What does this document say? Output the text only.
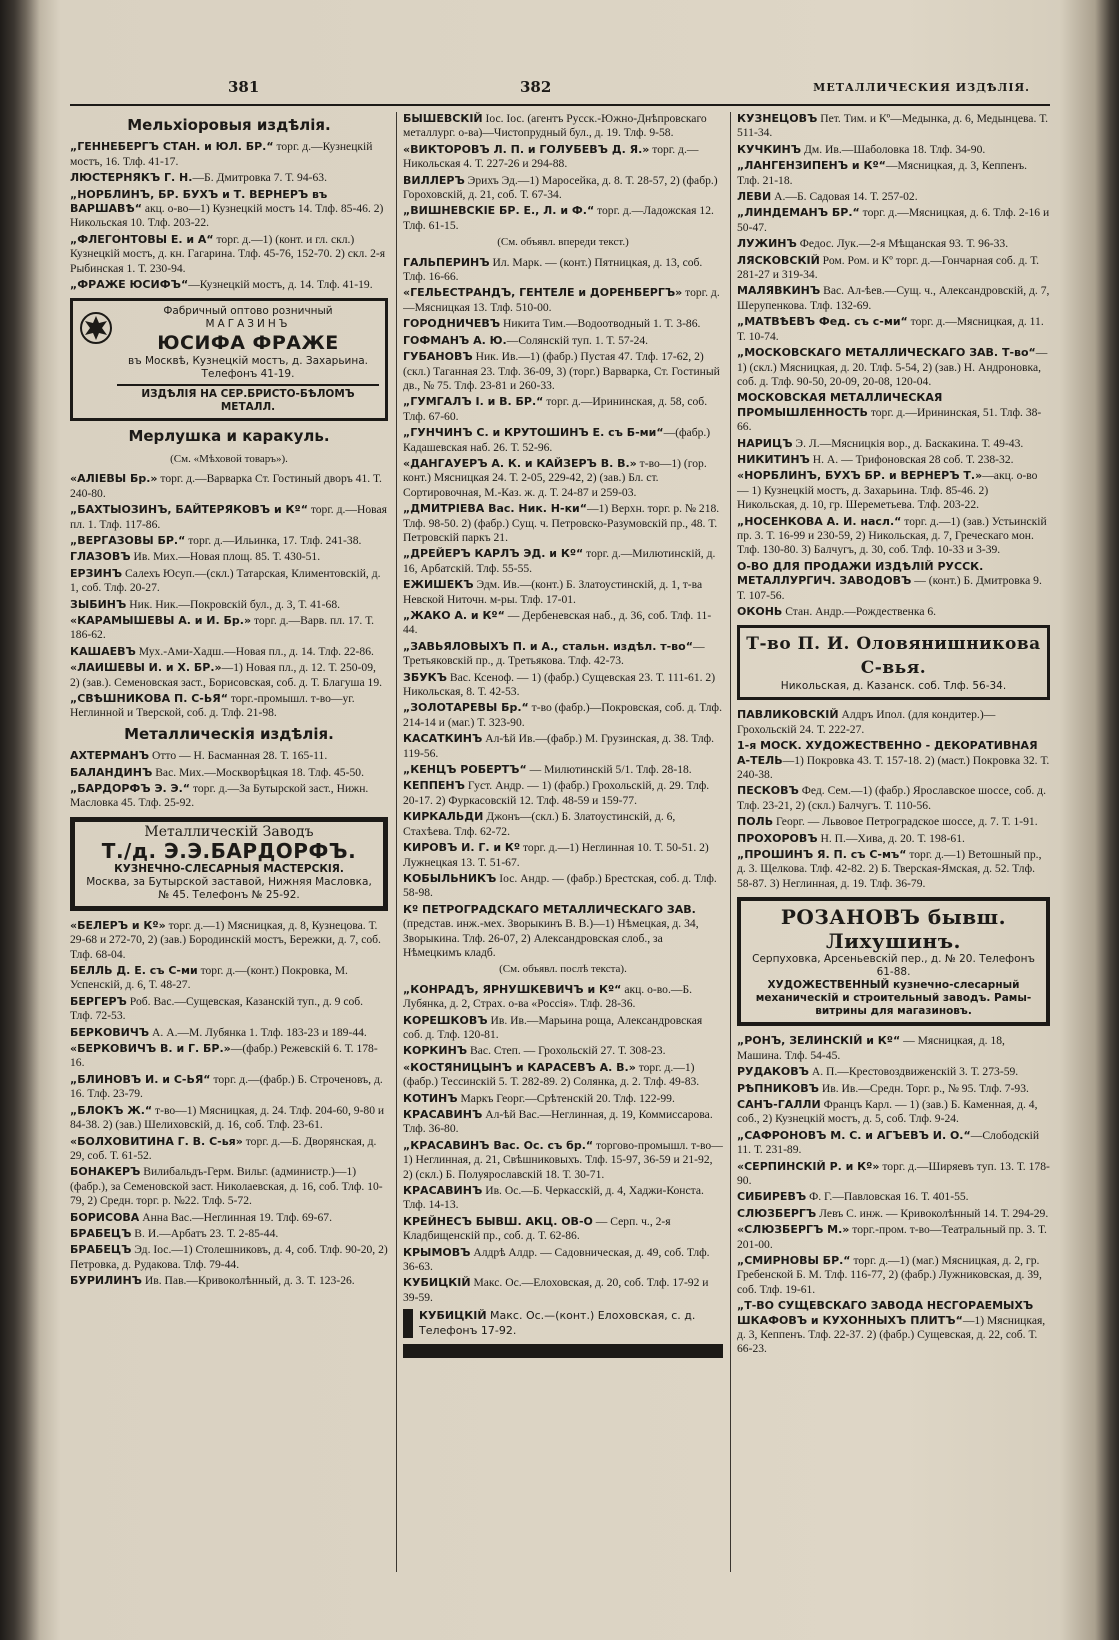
381	382	МЕТАЛЛИЧЕСКИЯ ИЗДѢЛІЯ.
Мельхіоровыя издѣлія.
„ГЕННЕБЕРГЪ СТАН. и ЮЛ. БР.“ торг. д.—Кузнецкій мостъ, 16. Тлф. 41-17.
ЛЮСТЕРНЯКЪ Г. Н.—Б. Дмитровка 7. Т. 94-63.
„НОРБЛИНЪ, БР. БУХЪ и Т. ВЕРНЕРЪ въ ВАРШАВѢ“ акц. о-во—1) Кузнецкій мостъ 14. Тлф. 85-46. 2) Никольская 10. Тлф. 203-22.
„ФЛЕГОНТОВЫ Е. и А“ торг. д.—1) (конт. и гл. скл.) Кузнецкій мостъ, д. кн. Гагарина. Тлф. 45-76, 152-70. 2) скл. 2-я Рыбинская 1. Т. 230-94.
„ФРАЖЕ ЮСИФЪ“—Кузнецкій мостъ, д. 14. Тлф. 41-19.
Фабричный оптово розничный
МАГАЗИНЪ
ЮСИФА ФРАЖЕ
въ Москвѣ, Кузнецкій мостъ, д. Захарьина. Телефонъ 41-19.
ИЗДѢЛІЯ НА СЕР.БРИСТО-БѢЛОМЪ МЕТАЛЛ.
Мерлушка и каракуль.
(См. «Мѣховой товаръ»).
«АЛІЕВЫ Бр.» торг. д.—Варварка Ст. Гостиный дворъ 41. Т. 240-80.
„БАХТЫОЗИНЪ, БАЙТЕРЯКОВЪ и Кº“ торг. д.—Новая пл. 1. Тлф. 117-86.
„ВЕРГАЗОВЫ БР.“ торг. д.—Ильинка, 17. Тлф. 241-38.
ГЛАЗОВЪ Ив. Мих.—Новая площ. 85. Т. 430-51.
ЕРЗИНЪ Салехъ Юсуп.—(скл.) Татарская, Климентовскій, д. 1, соб. Тлф. 20-27.
ЗЫБИНЪ Ник. Ник.—Покровскій бул., д. 3, Т. 41-68.
«КАРАМЫШЕВЫ А. и И. Бр.» торг. д.—Варв. пл. 17. Т. 186-62.
КАШАЕВЪ Мух.-Ами-Хадш.—Новая пл., д. 14. Тлф. 22-86.
«ЛАИШЕВЫ И. и Х. БР.»—1) Новая пл., д. 12. Т. 250-09, 2) (зав.). Семеновская заст., Борисовская, соб. д. Т. Благуша 19.
„СВѢШНИКОВА П. С-ЬЯ“ торг.-промышл. т-во—уг. Неглинной и Тверской, соб. д. Тлф. 21-98.
Металлическія издѣлія.
АХТЕРМАНЪ Отто — Н. Басманная 28. Т. 165-11.
БАЛАНДИНЪ Вас. Мих.—Москворѣцкая 18. Тлф. 45-50.
„БАРДОРФЪ Э. Э.“ торг. д.—За Бутырской заст., Нижн. Масловка 45. Тлф. 25-92.
Металлическій Заводъ
Т./д. Э.Э.БАРДОРФЪ.
КУЗНЕЧНО-СЛЕСАРНЫЯ МАСТЕРСКІЯ.
Москва, за Бутырской заставой, Нижняя Масловка, № 45. Телефонъ № 25-92.
«БЕЛЕРЪ и Кº» торг. д.—1) Мясницкая, д. 8, Кузнецова. Т. 29-68 и 272-70, 2) (зав.) Бородинскій мостъ, Бережки, д. 7, соб. Тлф. 68-04.
БЕЛЛЬ Д. Е. съ С-ми торг. д.—(конт.) Покровка, М. Успенскій, д. 6, Т. 48-27.
БЕРГЕРЪ Роб. Вас.—Сущевская, Казанскій туп., д. 9 соб. Тлф. 72-53.
БЕРКОВИЧЪ А. А.—М. Лубянка 1. Тлф. 183-23 и 189-44.
«БЕРКОВИЧЪ В. и Г. БР.»—(фабр.) Режевскій 6. Т. 178-16.
„БЛИНОВЪ И. и С-ЬЯ“ торг. д.—(фабр.) Б. Строченовъ, д. 16. Тлф. 23-79.
„БЛОКЪ Ж.“ т-во—1) Мясницкая, д. 24. Тлф. 204-60, 9-80 и 84-38. 2) (зав.) Шелиховскій, д. 16, соб. Тлф. 23-61.
«БОЛХОВИТИНА Г. В. С-ья» торг. д.—Б. Дворянская, д. 29, соб. Т. 61-52.
БОНАКЕРЪ Вилибальдъ-Герм. Вильг. (администр.)—1) (фабр.), за Семеновской заст. Николаевская, д. 16, соб. Тлф. 10-79, 2) Средн. торг. р. №22. Тлф. 5-72.
БОРИСОВА Анна Вас.—Неглинная 19. Тлф. 69-67.
БРАБЕЦЪ В. И.—Арбатъ 23. Т. 2-85-44.
БРАБЕЦЪ Эд. Іос.—1) Столешниковъ, д. 4, соб. Тлф. 90-20, 2) Петровка, д. Рудакова. Тлф. 79-44.
БУРИЛИНЪ Ив. Пав.—Кривоколѣнный, д. 3. Т. 123-26.
БЫШЕВСКІЙ Іос. Іос. (агентъ Русск.-Южно-Днѣпровскаго металлург. о-ва)—Чистопрудный бул., д. 19. Тлф. 9-58.
«ВИКТОРОВЪ Л. П. и ГОЛУБЕВЪ Д. Я.» торг. д.—Никольская 4. Т. 227-26 и 294-88.
ВИЛЛЕРЪ Эрихъ Эд.—1) Маросейка, д. 8. Т. 28-57, 2) (фабр.) Гороховскій, д. 21, соб. Т. 67-34.
„ВИШНЕВСКІЕ БР. Е., Л. и Ф.“ торг. д.—Ладожская 12. Тлф. 61-15.
(См. объявл. впереди текст.)
ГАЛЬПЕРИНЪ Ил. Марк. — (конт.) Пятницкая, д. 13, соб. Тлф. 16-66.
«ГЕЛЬЕСТРАНДЪ, ГЕНТЕЛЕ и ДОРЕНБЕРГЪ» торг. д.—Мясницкая 13. Тлф. 510-00.
ГОРОДНИЧЕВЪ Никита Тим.—Водоотводный 1. Т. 3-86.
ГОФМАНЪ А. Ю.—Солянскій туп. 1. Т. 57-24.
ГУБАНОВЪ Ник. Ив.—1) (фабр.) Пустая 47. Тлф. 17-62, 2) (скл.) Таганная 23. Тлф. 36-09, 3) (торг.) Варварка, Ст. Гостиный дв., № 75. Тлф. 23-81 и 260-33.
„ГУМГАЛЪ І. и В. БР.“ торг. д.—Ирининская, д. 58, соб. Тлф. 67-60.
„ГУНЧИНЪ С. и КРУТОШИНЪ Е. съ Б-ми“—(фабр.) Кадашевская наб. 26. Т. 52-96.
«ДАНГАУЕРЪ А. К. и КАЙЗЕРЪ В. В.» т-во—1) (гор. конт.) Мясницкая 24. Т. 2-05, 229-42, 2) (зав.) Бл. ст. Сортировочная, М.-Каз. ж. д. Т. 24-87 и 259-03.
„ДМИТРІЕВА Вас. Ник. Н-ки“—1) Верхн. торг. р. № 218. Тлф. 98-50. 2) (фабр.) Сущ. ч. Петровско-Разумовскій пр., 48. Т. Петровскій паркъ 21.
„ДРЕЙЕРЪ КАРЛЪ ЭД. и Кº“ торг. д.—Милютинскій, д. 16, Арбатскій. Тлф. 55-55.
ЕЖИШЕКЪ Эдм. Ив.—(конт.) Б. Златоустинскій, д. 1, т-ва Невской Ниточн. м-ры. Тлф. 17-01.
„ЖАКО А. и Кº“ — Дербеневская наб., д. 36, соб. Тлф. 11-44.
„ЗАВЬЯЛОВЫХЪ П. и А., стальн. издѣл. т-во“—Третьяковскій пр., д. Третьякова. Тлф. 42-73.
ЗБУКЪ Вас. Ксеноф. — 1) (фабр.) Сущевская 23. Т. 111-61. 2) Никольская, 8. Т. 42-53.
„ЗОЛОТАРЕВЫ Бр.“ т-во (фабр.)—Покровская, соб. д. Тлф. 214-14 и (маг.) Т. 323-90.
КАСАТКИНЪ Ал-ѣй Ив.—(фабр.) М. Грузинская, д. 38. Тлф. 119-56.
„КЕНЦЪ РОБЕРТЪ“ — Милютинскій 5/1. Тлф. 28-18.
КЕППЕНЪ Густ. Андр. — 1) (фабр.) Грохольскій, д. 29. Тлф. 20-17. 2) Фуркасовскій 12. Тлф. 48-59 и 159-77.
КИРКАЛЬДИ Джонъ—(скл.) Б. Златоустинскій, д. 6, Стахѣева. Тлф. 62-72.
КИРОВЪ И. Г. и Кº торг. д.—1) Неглинная 10. Т. 50-51. 2) Лужнецкая 13. Т. 51-67.
КОБЫЛЬНИКЪ Іос. Андр. — (фабр.) Брестская, соб. д. Тлф. 58-98.
Кº ПЕТРОГРАДСКАГО МЕТАЛЛИЧЕСКАГО ЗАВ. (представ. инж.-мех. Зворыкинъ В. В.)—1) Нѣмецкая, д. 34, Зворыкина. Тлф. 26-07, 2) Александровская слоб., за Нѣмецкимъ кладб.
(См. объявл. послѣ текста).
„КОНРАДЪ, ЯРНУШКЕВИЧЪ и Кº“ акц. о-во.—Б. Лубянка, д. 2, Страх. о-ва «Россія». Тлф. 28-36.
КОРЕШКОВЪ Ив. Ив.—Марьина роща, Александровская соб. д. Тлф. 120-81.
КОРКИНЪ Вас. Степ. — Грохольскій 27. Т. 308-23.
«КОСТЯНИЦЫНЪ и КАРАСЕВЪ А. В.» торг. д.—1) (фабр.) Тессинскій 5. Т. 282-89. 2) Солянка, д. 2. Тлф. 49-83.
КОТИНЪ Маркъ Георг.—Срѣтенскій 20. Тлф. 122-99.
КРАСАВИНЪ Ал-ѣй Вас.—Неглинная, д. 19, Коммиссарова. Тлф. 36-80.
„КРАСАВИНЪ Вас. Ос. съ бр.“ торгово-промышл. т-во—1) Неглинная, д. 21, Свѣшниковыхъ. Тлф. 15-97, 36-59 и 21-92, 2) (скл.) Б. Полуярославскій 18. Т. 30-71.
КРАСАВИНЪ Ив. Ос.—Б. Черкасскій, д. 4, Хаджи-Конста. Тлф. 14-13.
КРЕЙНЕСЪ БЫВШ. АКЦ. ОВ-О — Серп. ч., 2-я Кладбищенскій пр., соб. д. Т. 62-86.
КРЫМОВЪ Алдрѣ Алдр. — Садовническая, д. 49, соб. Тлф. 36-63.
КУБИЦКІЙ Макс. Ос.—Елоховская, д. 20, соб. Тлф. 17-92 и 39-59.
КУБИЦКІЙ Макс. Ос.—(конт.) Елоховская, с. д. Телефонъ 17-92.
КУЗНЕЦОВЪ Пет. Тим. и Кº—Медынка, д. 6, Медынцева. Т. 511-34.
КУЧКИНЪ Дм. Ив.—Шаболовка 18. Тлф. 34-90.
„ЛАНГЕНЗИПЕНЪ и Кº“—Мясницкая, д. 3, Кеппенъ. Тлф. 21-18.
ЛЕВИ А.—Б. Садовая 14. Т. 257-02.
„ЛИНДЕМАНЪ БР.“ торг. д.—Мясницкая, д. 6. Тлф. 2-16 и 50-47.
ЛУЖИНЪ Федос. Лук.—2-я Мѣщанская 93. Т. 96-33.
ЛЯСКОВСКІЙ Ром. Ром. и Кº торг. д.—Гончарная соб. д. Т. 281-27 и 319-34.
МАЛЯВКИНЪ Вас. Ал-ѣев.—Сущ. ч., Александровскій, д. 7, Шерупенкова. Тлф. 132-69.
„МАТВѢЕВЪ Фед. съ с-ми“ торг. д.—Мясницкая, д. 11. Т. 10-74.
„МОСКОВСКАГО МЕТАЛЛИЧЕСКАГО ЗАВ. Т-во“—1) (скл.) Мясницкая, д. 20. Тлф. 5-54, 2) (зав.) Н. Андроновка, соб. д. Тлф. 90-50, 20-09, 20-08, 120-04.
МОСКОВСКАЯ МЕТАЛЛИЧЕСКАЯ ПРОМЫШЛЕННОСТЬ торг. д.—Ирининская, 51. Тлф. 38-66.
НАРИЦЪ Э. Л.—Мясницкія вор., д. Баскакина. Т. 49-43.
НИКИТИНЪ Н. А. — Трифоновская 28 соб. Т. 238-32.
«НОРБЛИНЪ, БУХЪ БР. и ВЕРНЕРЪ Т.»—акц. о-во — 1) Кузнецкій мостъ, д. Захарьина. Тлф. 85-46. 2) Никольская, д. 10, гр. Шереметьева. Тлф. 203-22.
„НОСЕНКОВА А. И. насл.“ торг. д.—1) (зав.) Устьинскій пр. 3. Т. 16-99 и 230-59, 2) Никольская, д. 7, Греческаго мон. Тлф. 130-80. 3) Балчугъ, д. 30, соб. Тлф. 10-33 и 3-39.
О-ВО ДЛЯ ПРОДАЖИ ИЗДѢЛІЙ РУССК. МЕТАЛЛУРГИЧ. ЗАВОДОВЪ — (конт.) Б. Дмитровка 9. Т. 107-56.
ОКОНЬ Стан. Андр.—Рождественка 6.
Т-во П. И. Оловянишникова С-вья.
Никольская, д. Казанск. соб. Тлф. 56-34.
ПАВЛИКОВСКІЙ Алдръ Ипол. (для кондитер.)—Грохольскій 24. Т. 222-27.
1-я МОСК. ХУДОЖЕСТВЕННО - ДЕКОРАТИВНАЯ А-ТЕЛЬ—1) Покровка 43. Т. 157-18. 2) (маст.) Покровка 32. Т. 240-38.
ПЕСКОВЪ Фед. Сем.—1) (фабр.) Ярославское шоссе, соб. д. Тлф. 23-21, 2) (скл.) Балчугъ. Т. 110-56.
ПОЛЬ Георг. — Львовое Петроградское шоссе, д. 7. Т. 1-91.
ПРОХОРОВЪ Н. П.—Хива, д. 20. Т. 198-61.
„ПРОШИНЪ Я. П. съ С-мъ“ торг. д.—1) Ветошный пр., д. 3. Щелкова. Тлф. 42-82. 2) Б. Тверская-Ямская, д. 52. Тлф. 58-87. 3) Неглинная, д. 19. Тлф. 36-79.
РОЗАНОВЪ бывш. Лихушинъ.
Серпуховка, Арсеньевскій пер., д. № 20. Телефонъ 61-88.
ХУДОЖЕСТВЕННЫЙ кузнечно-слесарный механическій и строительный заводъ. Рамы-витрины для магазиновъ.
„РОНЪ, ЗЕЛИНСКІЙ и Кº“ — Мясницкая, д. 18, Машина. Тлф. 54-45.
РУДАКОВЪ А. П.—Крестовоздвиженскій 3. Т. 273-59.
РѢПНИКОВЪ Ив. Ив.—Средн. Торг. р., № 95. Тлф. 7-93.
САНЪ-ГАЛЛИ Францъ Карл. — 1) (зав.) Б. Каменная, д. 4, соб., 2) Кузнецкій мостъ, д. 5, соб. Тлф. 9-24.
„САФРОНОВЪ М. С. и АГЪЕВЪ И. О.“—Слободскій 11. Т. 231-89.
«СЕРПИНСКІЙ Р. и Кº» торг. д.—Ширяевъ туп. 13. Т. 178-90.
СИБИРЕВЪ Ф. Г.—Павловская 16. Т. 401-55.
СЛЮЗБЕРГЪ Левъ С. инж. — Кривоколѣнный 14. Т. 294-29.
«СЛЮЗБЕРГЪ М.» торг.-пром. т-во—Театральный пр. 3. Т. 201-00.
„СМИРНОВЫ БР.“ торг. д.—1) (маг.) Мясницкая, д. 2, гр. Гребенской Б. М. Тлф. 116-77, 2) (фабр.) Лужниковская, д. 39, соб. Тлф. 19-61.
„Т-ВО СУЩЕВСКАГО ЗАВОДА НЕСГОРАЕМЫХЪ ШКАФОВЪ и КУХОННЫХЪ ПЛИТЪ“—1) Мясницкая, д. 3, Кеппенъ. Тлф. 22-37. 2) (фабр.) Сущевская, д. 22, соб. Т. 66-23.
